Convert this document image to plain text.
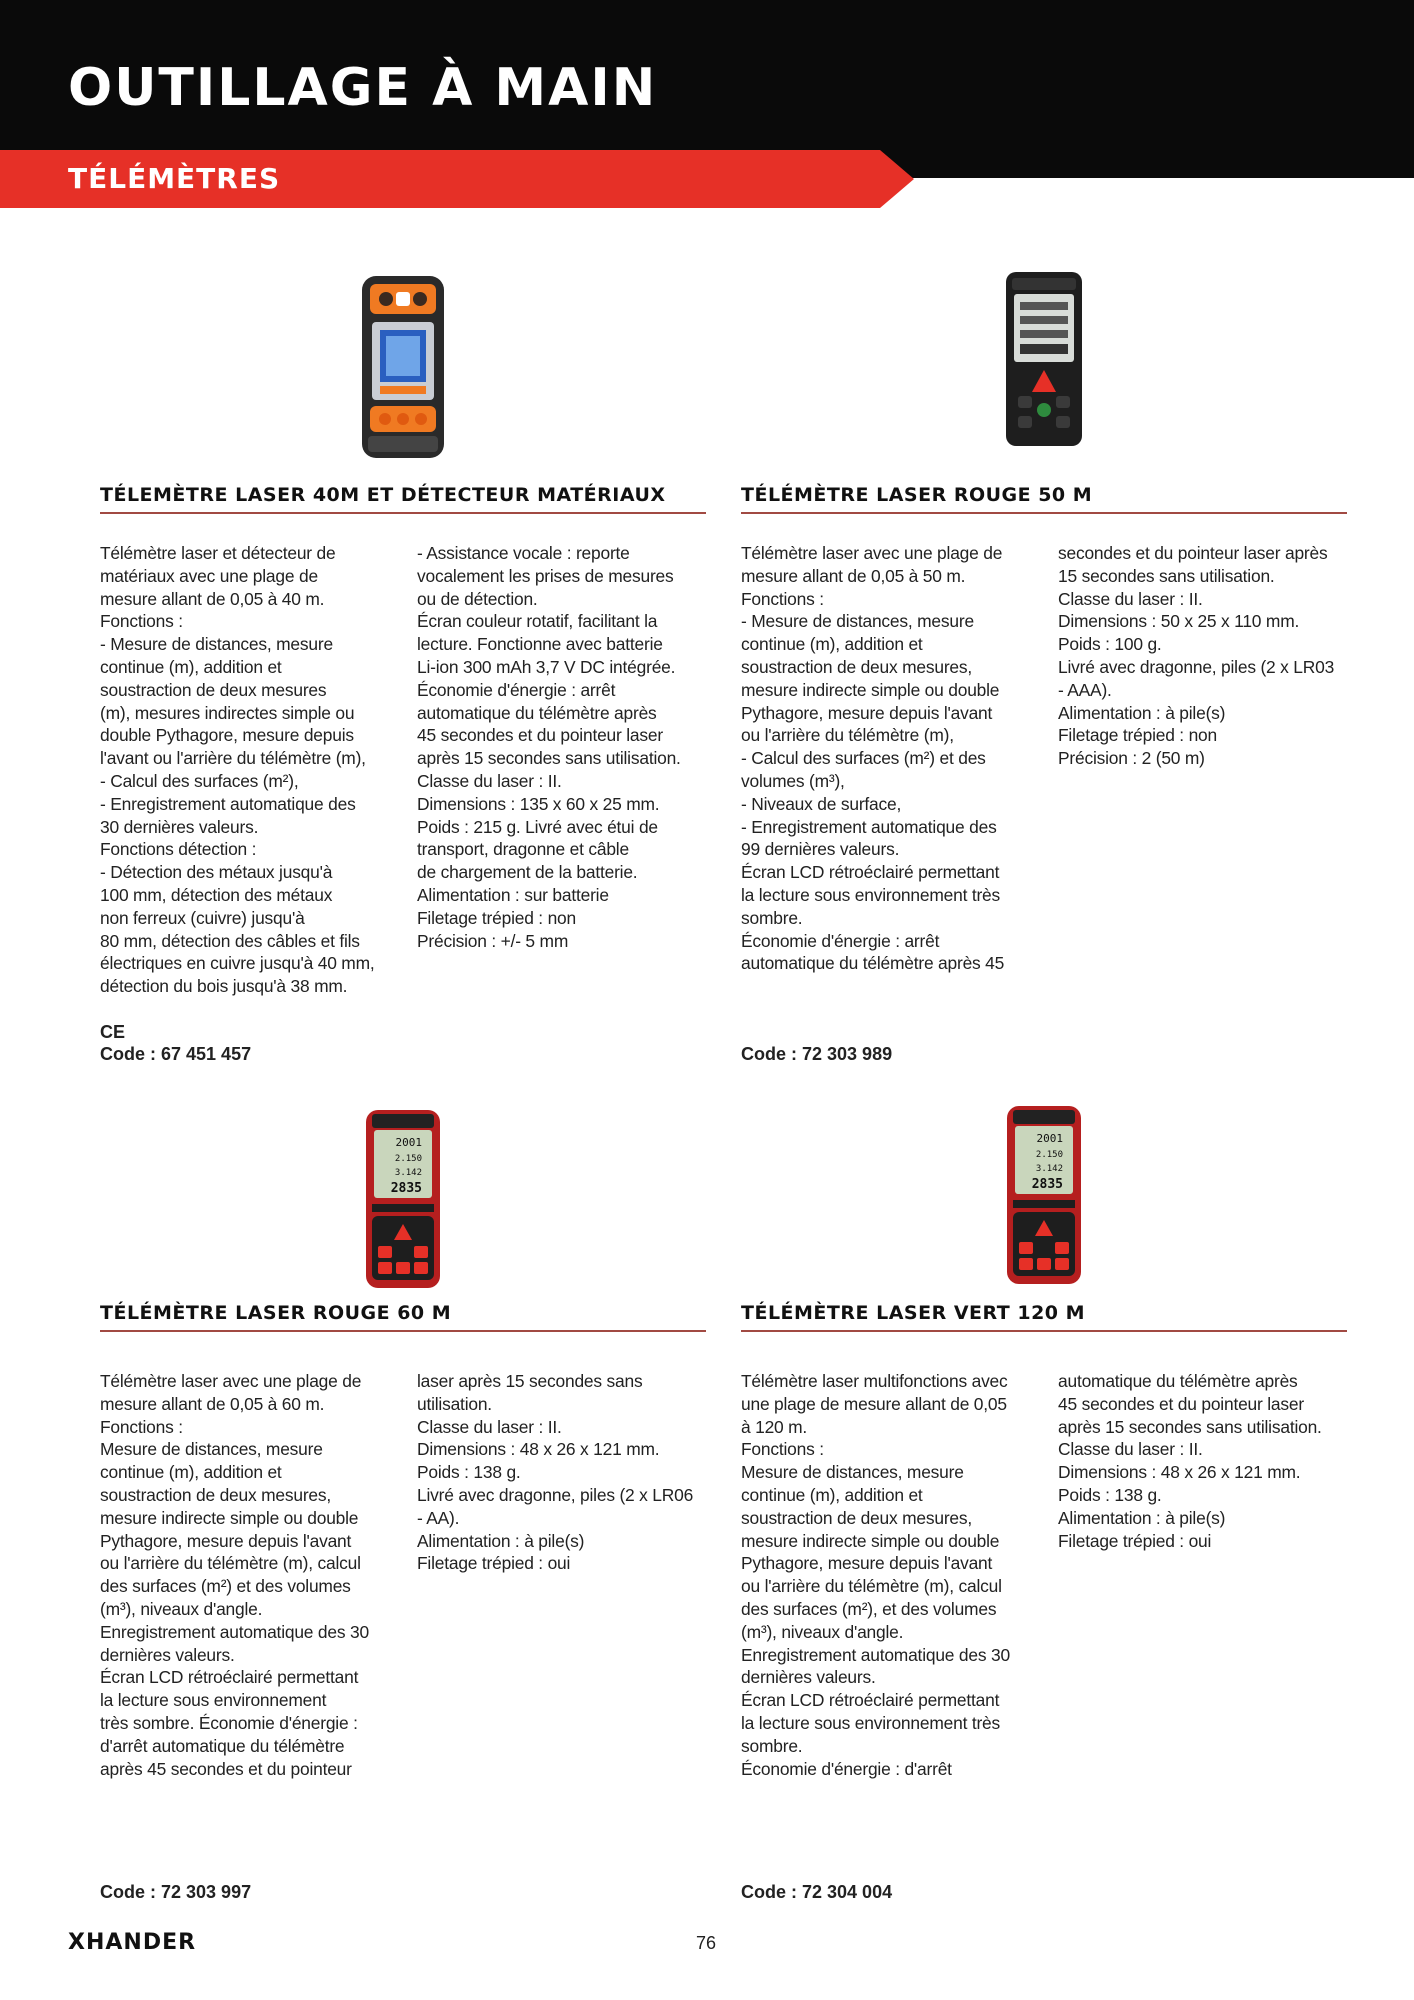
OUTILLAGE À MAIN
TÉLÉMÈTRES
TÉLEMÈTRE LASER 40M ET DÉTECTEUR MATÉRIAUX

Télémètre laser et détecteur de

matériaux avec une plage de

mesure allant de 0,05 à 40 m.

Fonctions :

- Mesure de distances, mesure

continue (m), addition et

soustraction de deux mesures

(m), mesures indirectes simple ou

double Pythagore, mesure depuis

l'avant ou l'arrière du télémètre (m),

- Calcul des surfaces (m²),

- Enregistrement automatique des

30 dernières valeurs.

Fonctions détection :

- Détection des métaux jusqu'à

100 mm, détection des métaux

non ferreux (cuivre) jusqu'à

80 mm, détection des câbles et fils

électriques en cuivre jusqu'à 40 mm,

détection du bois jusqu'à 38 mm.

- Assistance vocale : reporte

vocalement les prises de mesures

ou de détection.

Écran couleur rotatif, facilitant la

lecture. Fonctionne avec batterie

Li-ion 300 mAh 3,7 V DC intégrée.

Économie d'énergie : arrêt

automatique du télémètre après

45 secondes et du pointeur laser

après 15 secondes sans utilisation.

Classe du laser : II.

Dimensions : 135 x 60 x 25 mm.

Poids : 215 g. Livré avec étui de

transport, dragonne et câble

de chargement de la batterie.

Alimentation : sur batterie

Filetage trépied : non

Précision : +/- 5 mm

CE
Code : 67 451 457
TÉLÉMÈTRE LASER ROUGE 50 M

Télémètre laser avec une plage de

mesure allant de 0,05 à 50 m.

Fonctions :

- Mesure de distances, mesure

continue (m), addition et

soustraction de deux mesures,

mesure indirecte simple ou double

Pythagore, mesure depuis l'avant

ou l'arrière du télémètre (m),

- Calcul des surfaces (m²) et des

volumes (m³),

- Niveaux de surface,

- Enregistrement automatique des

99 dernières valeurs.

Écran LCD rétroéclairé permettant

la lecture sous environnement très

sombre.

Économie d'énergie : arrêt

automatique du télémètre après 45

secondes et du pointeur laser après

15 secondes sans utilisation.

Classe du laser : II.

Dimensions : 50 x 25 x 110 mm.

Poids : 100 g.

Livré avec dragonne, piles (2 x LR03

- AAA).

Alimentation : à pile(s)

Filetage trépied : non

Précision : 2 (50 m)

Code : 72 303 989
2001
2.150
3.142
2835
TÉLÉMÈTRE LASER ROUGE 60 M

Télémètre laser avec une plage de

mesure allant de 0,05 à 60 m.

Fonctions :

Mesure de distances, mesure

continue (m), addition et

soustraction de deux mesures,

mesure indirecte simple ou double

Pythagore, mesure depuis l'avant

ou l'arrière du télémètre (m), calcul

des surfaces (m²) et des volumes

(m³), niveaux d'angle.

Enregistrement automatique des 30

dernières valeurs.

Écran LCD rétroéclairé permettant

la lecture sous environnement

très sombre. Économie d'énergie :

d'arrêt automatique du télémètre

après 45 secondes et du pointeur

laser après 15 secondes sans

utilisation.

Classe du laser : II.

Dimensions : 48 x 26 x 121 mm.

Poids : 138 g.

Livré avec dragonne, piles (2 x LR06

- AA).

Alimentation : à pile(s)

Filetage trépied : oui

Code : 72 303 997
2001
2.150
3.142
2835
TÉLÉMÈTRE LASER VERT 120 M

Télémètre laser multifonctions avec

une plage de mesure allant de 0,05

à 120 m.

Fonctions :

Mesure de distances, mesure

continue (m), addition et

soustraction de deux mesures,

mesure indirecte simple ou double

Pythagore, mesure depuis l'avant

ou l'arrière du télémètre (m), calcul

des surfaces (m²), et des volumes

(m³), niveaux d'angle.

Enregistrement automatique des 30

dernières valeurs.

Écran LCD rétroéclairé permettant

la lecture sous environnement très

sombre.

Économie d'énergie : d'arrêt

automatique du télémètre après

45 secondes et du pointeur laser

après 15 secondes sans utilisation.

Classe du laser : II.

Dimensions : 48 x 26 x 121 mm.

Poids : 138 g.

Alimentation : à pile(s)

Filetage trépied : oui

Code : 72 304 004
XHANDER	76
